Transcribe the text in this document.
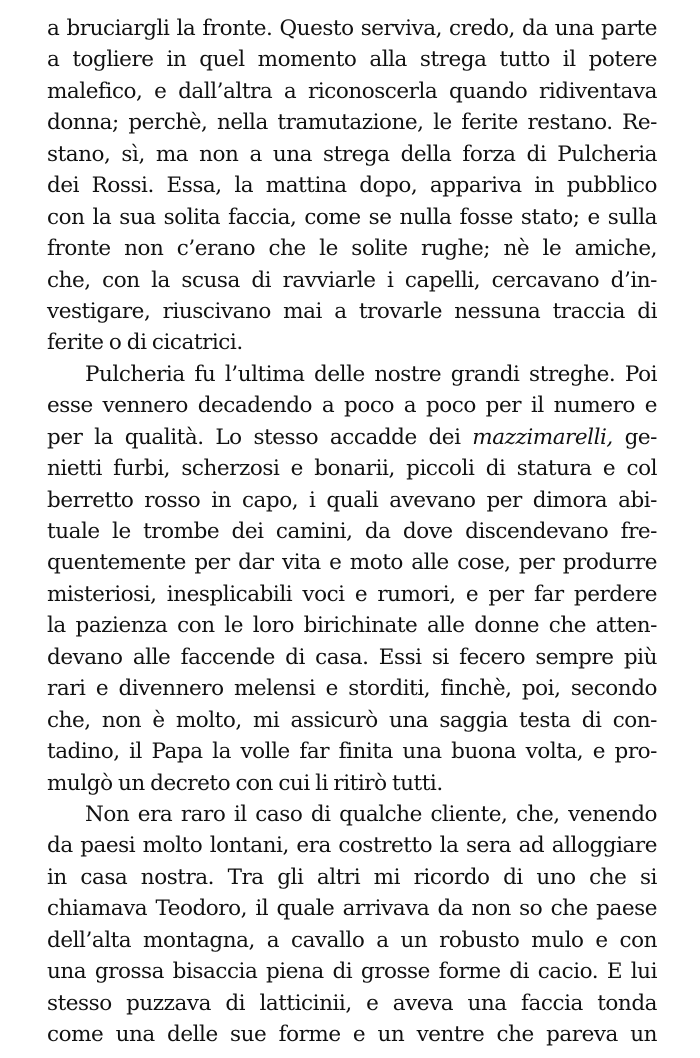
a bruciargli la fronte. Questo serviva, credo, da una parte
a togliere in quel momento alla strega tutto il potere
malefico, e dall’altra a riconoscerla quando ridiventava
donna; perchè, nella tramutazione, le ferite restano. Re-
stano, sì, ma non a una strega della forza di Pulcheria
dei Rossi. Essa, la mattina dopo, appariva in pubblico
con la sua solita faccia, come se nulla fosse stato; e sulla
fronte non c’erano che le solite rughe; nè le amiche,
che, con la scusa di ravviarle i capelli, cercavano d’in-
vestigare, riuscivano mai a trovarle nessuna traccia di
ferite o di cicatrici.
Pulcheria fu l’ultima delle nostre grandi streghe. Poi
esse vennero decadendo a poco a poco per il numero e
per la qualità. Lo stesso accadde dei mazzimarelli, ge-
nietti furbi, scherzosi e bonarii, piccoli di statura e col
berretto rosso in capo, i quali avevano per dimora abi-
tuale le trombe dei camini, da dove discendevano fre-
quentemente per dar vita e moto alle cose, per produrre
misteriosi, inesplicabili voci e rumori, e per far perdere
la pazienza con le loro birichinate alle donne che atten-
devano alle faccende di casa. Essi si fecero sempre più
rari e divennero melensi e storditi, finchè, poi, secondo
che, non è molto, mi assicurò una saggia testa di con-
tadino, il Papa la volle far finita una buona volta, e pro-
mulgò un decreto con cui li ritirò tutti.
Non era raro il caso di qualche cliente, che, venendo
da paesi molto lontani, era costretto la sera ad alloggiare
in casa nostra. Tra gli altri mi ricordo di uno che si
chiamava Teodoro, il quale arrivava da non so che paese
dell’alta montagna, a cavallo a un robusto mulo e con
una grossa bisaccia piena di grosse forme di cacio. E lui
stesso puzzava di latticinii, e aveva una faccia tonda
come una delle sue forme e un ventre che pareva un
